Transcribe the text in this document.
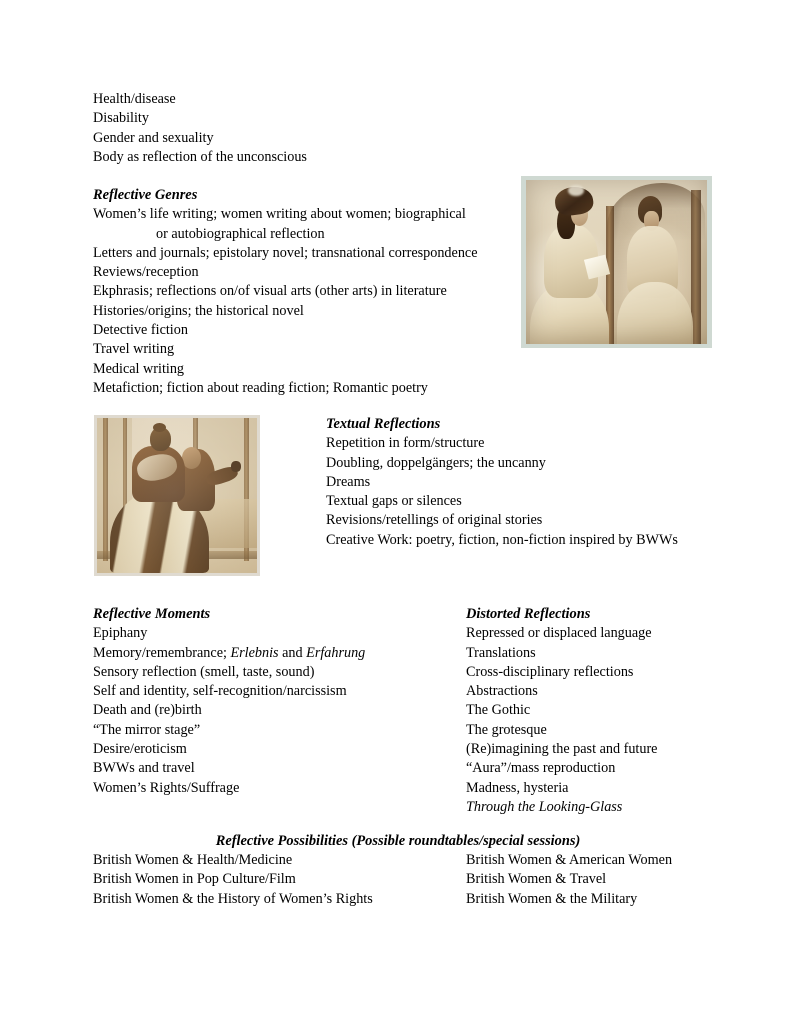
Health/disease
Disability
Gender and sexuality
Body as reflection of the unconscious
Reflective Genres
Women’s life writing; women writing about women; biographical
or autobiographical reflection
Letters and journals; epistolary novel; transnational correspondence
Reviews/reception
Ekphrasis; reflections on/of visual arts (other arts) in literature
Histories/origins; the historical novel
Detective fiction
Travel writing
Medical writing
Metafiction; fiction about reading fiction; Romantic poetry
Textual Reflections
Repetition in form/structure
Doubling, doppelgängers; the uncanny
Dreams
Textual gaps or silences
Revisions/retellings of original stories
Creative Work: poetry, fiction, non-fiction inspired by BWWs
Reflective Moments
Epiphany
Memory/remembrance; Erlebnis and Erfahrung
Sensory reflection (smell, taste, sound)
Self and identity, self-recognition/narcissism
Death and (re)birth
“The mirror stage”
Desire/eroticism
BWWs and travel
Women’s Rights/Suffrage
Distorted Reflections
Repressed or displaced language
Translations
Cross-disciplinary reflections
Abstractions
The Gothic
The grotesque
(Re)imagining the past and future
“Aura”/mass reproduction
Madness, hysteria
Through the Looking-Glass
Reflective Possibilities (Possible roundtables/special sessions)
British Women & Health/Medicine
British Women in Pop Culture/Film
British Women & the History of Women’s Rights
British Women & American Women
British Women & Travel
British Women & the Military
